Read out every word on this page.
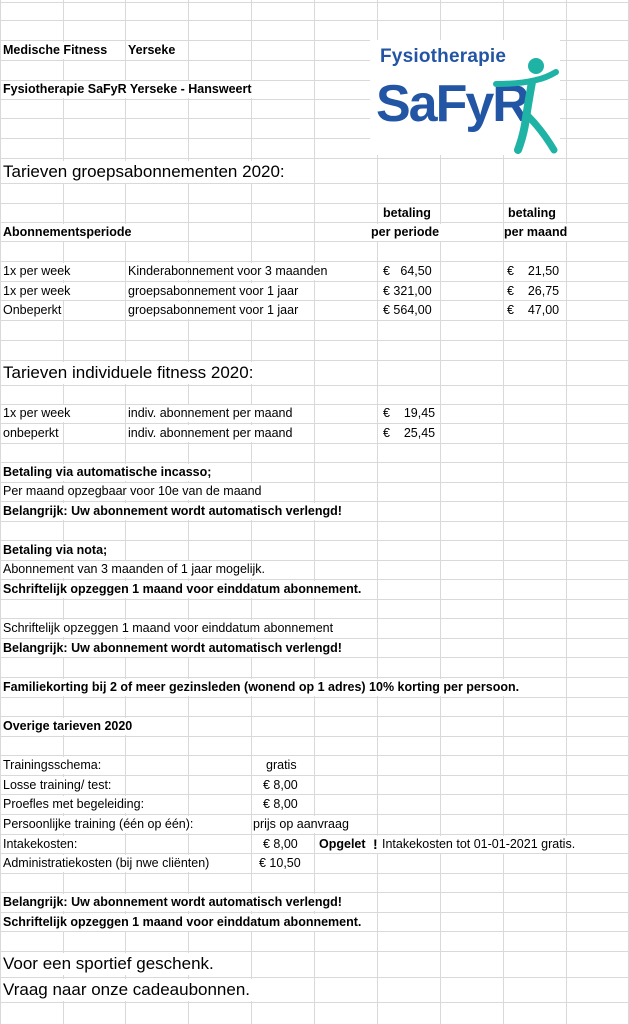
Medische Fitness Yerseke
Fysiotherapie SaFyR Yerseke - Hansweert
Fysiotherapie
SaFyR
Tarieven groepsabonnementen 2020:
betaling	betaling
Abonnementsperiode	per periode	per maand
1x per week	Kinderabonnement voor 3 maanden	€   64,50	€    21,50
1x per week	groepsabonnement voor 1 jaar	€ 321,00	€    26,75
Onbeperkt	groepsabonnement voor 1 jaar	€ 564,00	€    47,00
Tarieven individuele fitness 2020:
1x per week	indiv. abonnement per maand	€    19,45
onbeperkt	indiv. abonnement per maand	€    25,45
Betaling via automatische incasso;
Per maand opzegbaar voor 10e van de maand
Belangrijk: Uw abonnement wordt automatisch verlengd!
Betaling via nota;
Abonnement van 3 maanden of 1 jaar mogelijk.
Schriftelijk opzeggen 1 maand voor einddatum abonnement.
Schriftelijk opzeggen 1 maand voor einddatum abonnement
Belangrijk: Uw abonnement wordt automatisch verlengd!
Familiekorting bij 2 of meer gezinsleden (wonend op 1 adres) 10% korting per persoon.
Overige tarieven 2020
Trainingsschema:	gratis
Losse training/ test:	€ 8,00
Proefles met begeleiding:	€ 8,00
Persoonlijke training (één op één):	prijs op aanvraag
Intakekosten:	€ 8,00 Opgelet ! Intakekosten tot 01-01-2021 gratis.
Administratiekosten (bij nwe cliënten)	€ 10,50
Belangrijk: Uw abonnement wordt automatisch verlengd!
Schriftelijk opzeggen 1 maand voor einddatum abonnement.
Voor een sportief geschenk.
Vraag naar onze cadeaubonnen.
